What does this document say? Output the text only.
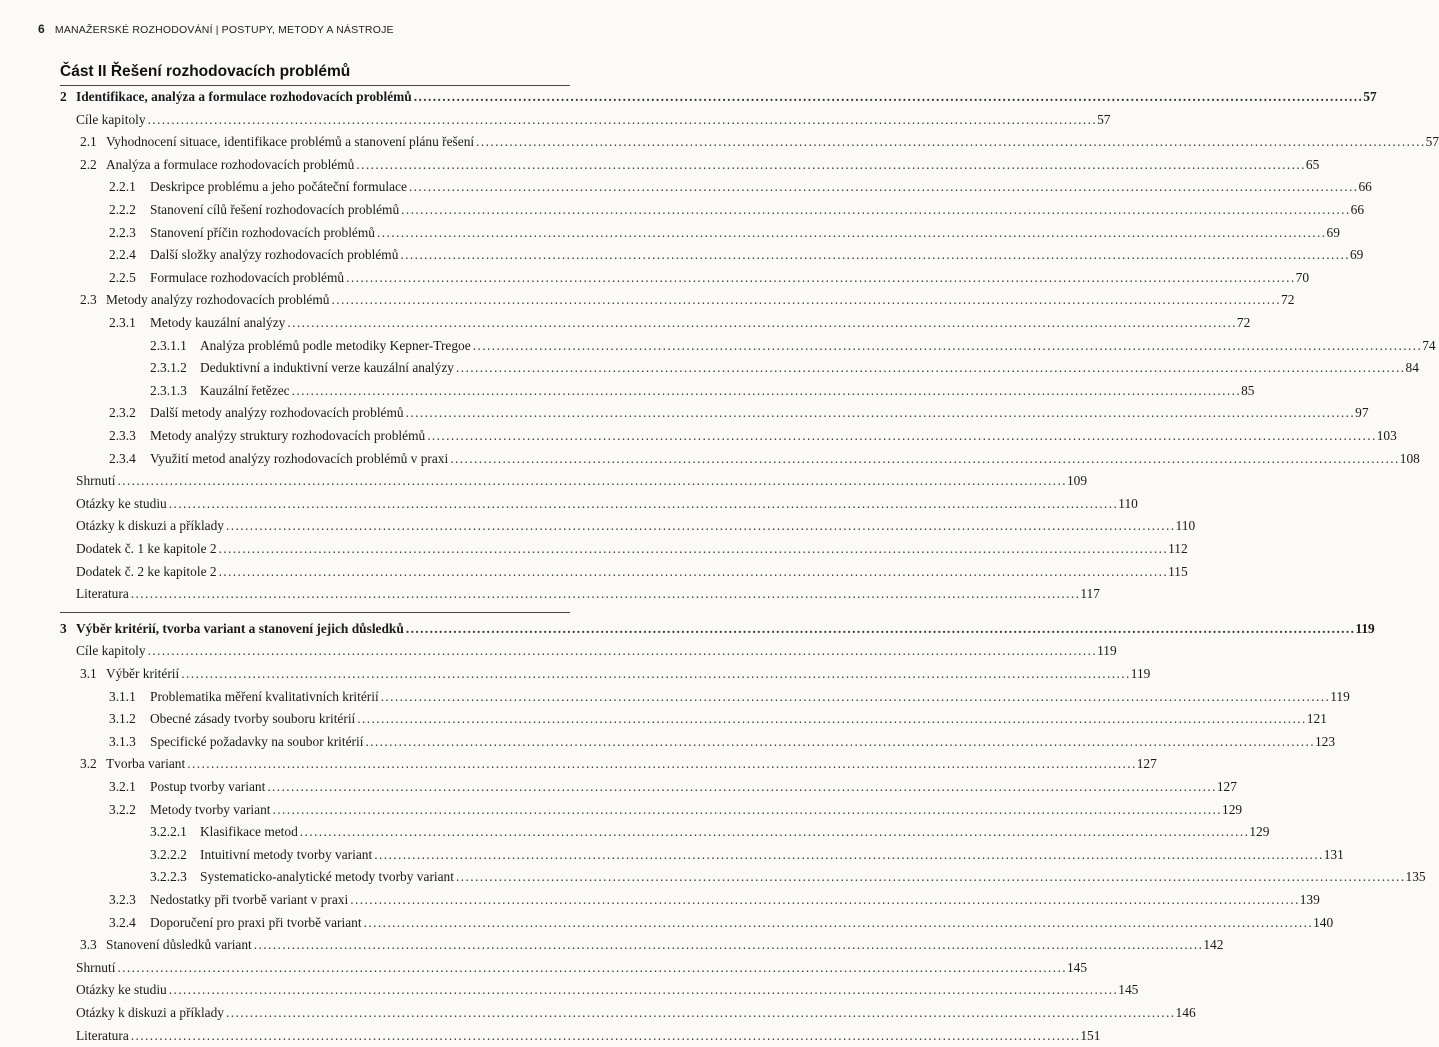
6 MANAŽERSKÉ ROZHODOVÁNÍ | POSTUPY, METODY A NÁSTROJE
Část II Řešení rozhodovacích problémů
2 Identifikace, analýza a formulace rozhodovacích problémů ........................................................................................................................................................................................................ 57
Cíle kapitoly ........................................................................................................................................................................................................ 57
2.1 Vyhodnocení situace, identifikace problémů a stanovení plánu řešení ........................................................................................................................................................................................................ 57
2.2 Analýza a formulace rozhodovacích problémů ........................................................................................................................................................................................................ 65
2.2.1 Deskripce problému a jeho počáteční formulace ........................................................................................................................................................................................................ 66
2.2.2 Stanovení cílů řešení rozhodovacích problémů ........................................................................................................................................................................................................ 66
2.2.3 Stanovení příčin rozhodovacích problémů ........................................................................................................................................................................................................ 69
2.2.4 Další složky analýzy rozhodovacích problémů ........................................................................................................................................................................................................ 69
2.2.5 Formulace rozhodovacích problémů ........................................................................................................................................................................................................ 70
2.3 Metody analýzy rozhodovacích problémů ........................................................................................................................................................................................................ 72
2.3.1 Metody kauzální analýzy ........................................................................................................................................................................................................ 72
2.3.1.1 Analýza problémů podle metodiky Kepner-Tregoe ........................................................................................................................................................................................................ 74
2.3.1.2 Deduktivní a induktivní verze kauzální analýzy ........................................................................................................................................................................................................ 84
2.3.1.3 Kauzální řetězec ........................................................................................................................................................................................................ 85
2.3.2 Další metody analýzy rozhodovacích problémů ........................................................................................................................................................................................................ 97
2.3.3 Metody analýzy struktury rozhodovacích problémů ........................................................................................................................................................................................................ 103
2.3.4 Využití metod analýzy rozhodovacích problémů v praxi ........................................................................................................................................................................................................ 108
Shrnutí ........................................................................................................................................................................................................ 109
Otázky ke studiu ........................................................................................................................................................................................................ 110
Otázky k diskuzi a příklady ........................................................................................................................................................................................................ 110
Dodatek č. 1 ke kapitole 2 ........................................................................................................................................................................................................ 112
Dodatek č. 2 ke kapitole 2 ........................................................................................................................................................................................................ 115
Literatura ........................................................................................................................................................................................................ 117
3 Výběr kritérií, tvorba variant a stanovení jejich důsledků ........................................................................................................................................................................................................ 119
Cíle kapitoly ........................................................................................................................................................................................................ 119
3.1 Výběr kritérií ........................................................................................................................................................................................................ 119
3.1.1 Problematika měření kvalitativních kritérií ........................................................................................................................................................................................................ 119
3.1.2 Obecné zásady tvorby souboru kritérií ........................................................................................................................................................................................................ 121
3.1.3 Specifické požadavky na soubor kritérií ........................................................................................................................................................................................................ 123
3.2 Tvorba variant ........................................................................................................................................................................................................ 127
3.2.1 Postup tvorby variant ........................................................................................................................................................................................................ 127
3.2.2 Metody tvorby variant ........................................................................................................................................................................................................ 129
3.2.2.1 Klasifikace metod ........................................................................................................................................................................................................ 129
3.2.2.2 Intuitivní metody tvorby variant ........................................................................................................................................................................................................ 131
3.2.2.3 Systematicko-analytické metody tvorby variant ........................................................................................................................................................................................................ 135
3.2.3 Nedostatky při tvorbě variant v praxi ........................................................................................................................................................................................................ 139
3.2.4 Doporučení pro praxi při tvorbě variant ........................................................................................................................................................................................................ 140
3.3 Stanovení důsledků variant ........................................................................................................................................................................................................ 142
Shrnutí ........................................................................................................................................................................................................ 145
Otázky ke studiu ........................................................................................................................................................................................................ 145
Otázky k diskuzi a příklady ........................................................................................................................................................................................................ 146
Literatura ........................................................................................................................................................................................................ 151
